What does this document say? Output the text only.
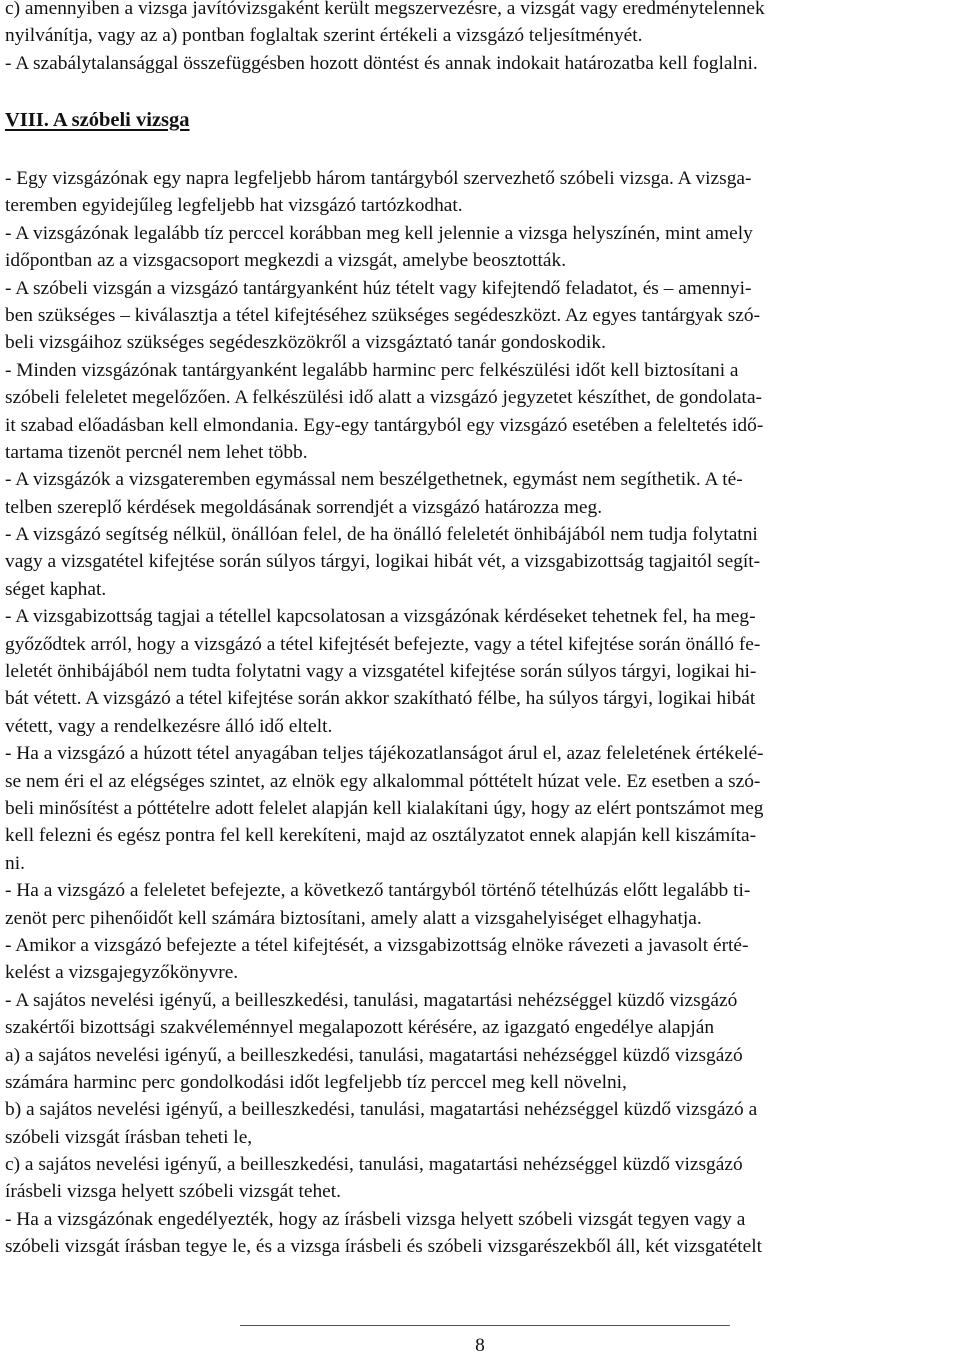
c) amennyiben a vizsga javítóvizsgaként került megszervezésre, a vizsgát vagy eredménytelennek
nyilvánítja, vagy az a) pontban foglaltak szerint értékeli a vizsgázó teljesítményét.
- A szabálytalansággal összefüggésben hozott döntést és annak indokait határozatba kell foglalni.
VIII. A szóbeli vizsga
- Egy vizsgázónak egy napra legfeljebb három tantárgyból szervezhető szóbeli vizsga. A vizsga-
teremben egyidejűleg legfeljebb hat vizsgázó tartózkodhat.
- A vizsgázónak legalább tíz perccel korábban meg kell jelennie a vizsga helyszínén, mint amely
időpontban az a vizsgacsoport megkezdi a vizsgát, amelybe beosztották.
- A szóbeli vizsgán a vizsgázó tantárgyanként húz tételt vagy kifejtendő feladatot, és – amennyi-
ben szükséges – kiválasztja a tétel kifejtéséhez szükséges segédeszközt. Az egyes tantárgyak szó-
beli vizsgáihoz szükséges segédeszközökről a vizsgáztató tanár gondoskodik.
- Minden vizsgázónak tantárgyanként legalább harminc perc felkészülési időt kell biztosítani a
szóbeli feleletet megelőzően. A felkészülési idő alatt a vizsgázó jegyzetet készíthet, de gondolata-
it szabad előadásban kell elmondania. Egy-egy tantárgyból egy vizsgázó esetében a feleltetés idő-
tartama tizenöt percnél nem lehet több.
- A vizsgázók a vizsgateremben egymással nem beszélgethetnek, egymást nem segíthetik. A té-
telben szereplő kérdések megoldásának sorrendjét a vizsgázó határozza meg.
- A vizsgázó segítség nélkül, önállóan felel, de ha önálló feleletét önhibájából nem tudja folytatni
vagy a vizsgatétel kifejtése során súlyos tárgyi, logikai hibát vét, a vizsgabizottság tagjaitól segít-
séget kaphat.
- A vizsgabizottság tagjai a tétellel kapcsolatosan a vizsgázónak kérdéseket tehetnek fel, ha meg-
győződtek arról, hogy a vizsgázó a tétel kifejtését befejezte, vagy a tétel kifejtése során önálló fe-
leletét önhibájából nem tudta folytatni vagy a vizsgatétel kifejtése során súlyos tárgyi, logikai hi-
bát vétett. A vizsgázó a tétel kifejtése során akkor szakítható félbe, ha súlyos tárgyi, logikai hibát
vétett, vagy a rendelkezésre álló idő eltelt.
- Ha a vizsgázó a húzott tétel anyagában teljes tájékozatlanságot árul el, azaz feleletének értékelé-
se nem éri el az elégséges szintet, az elnök egy alkalommal póttételt húzat vele. Ez esetben a szó-
beli minősítést a póttételre adott felelet alapján kell kialakítani úgy, hogy az elért pontszámot meg
kell felezni és egész pontra fel kell kerekíteni, majd az osztályzatot ennek alapján kell kiszámíta-
ni.
- Ha a vizsgázó a feleletet befejezte, a következő tantárgyból történő tételhúzás előtt legalább ti-
zenöt perc pihenőidőt kell számára biztosítani, amely alatt a vizsgahelyiséget elhagyhatja.
- Amikor a vizsgázó befejezte a tétel kifejtését, a vizsgabizottság elnöke rávezeti a javasolt érté-
kelést a vizsgajegyzőkönyvre.
- A sajátos nevelési igényű, a beilleszkedési, tanulási, magatartási nehézséggel küzdő vizsgázó
szakértői bizottsági szakvéleménnyel megalapozott kérésére, az igazgató engedélye alapján
a) a sajátos nevelési igényű, a beilleszkedési, tanulási, magatartási nehézséggel küzdő vizsgázó
számára harminc perc gondolkodási időt legfeljebb tíz perccel meg kell növelni,
b) a sajátos nevelési igényű, a beilleszkedési, tanulási, magatartási nehézséggel küzdő vizsgázó a
szóbeli vizsgát írásban teheti le,
c) a sajátos nevelési igényű, a beilleszkedési, tanulási, magatartási nehézséggel küzdő vizsgázó
írásbeli vizsga helyett szóbeli vizsgát tehet.
- Ha a vizsgázónak engedélyezték, hogy az írásbeli vizsga helyett szóbeli vizsgát tegyen vagy a
szóbeli vizsgát írásban tegye le, és a vizsga írásbeli és szóbeli vizsgarészekből áll, két vizsgatételt
8
